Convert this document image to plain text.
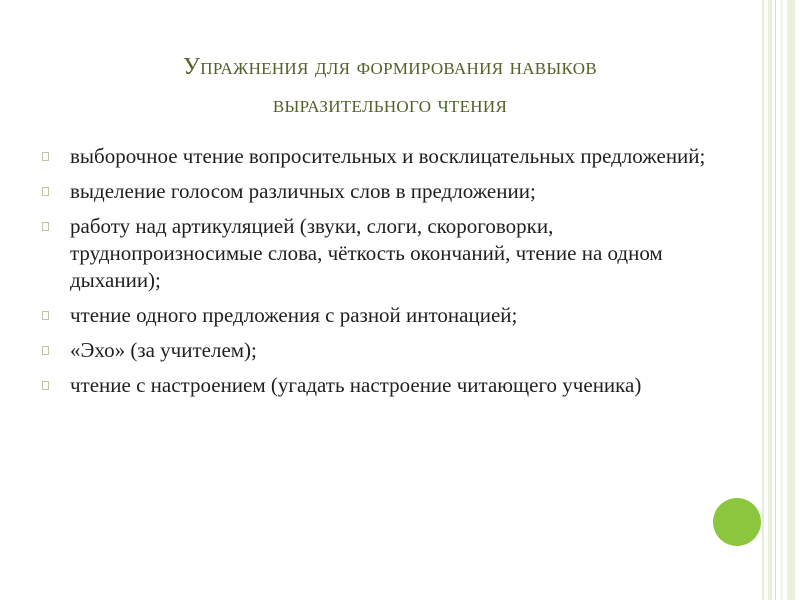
Упражнения для формирования навыков
выразительного чтения
выборочное чтение вопросительных и восклицательных предложений;
выделение голосом различных слов в предложении;
работу над артикуляцией (звуки, слоги, скороговорки, труднопроизносимые слова, чёткость окончаний, чтение на одном дыхании);
чтение одного предложения с разной интонацией;
«Эхо» (за учителем);
чтение с настроением (угадать настроение читающего ученика)
